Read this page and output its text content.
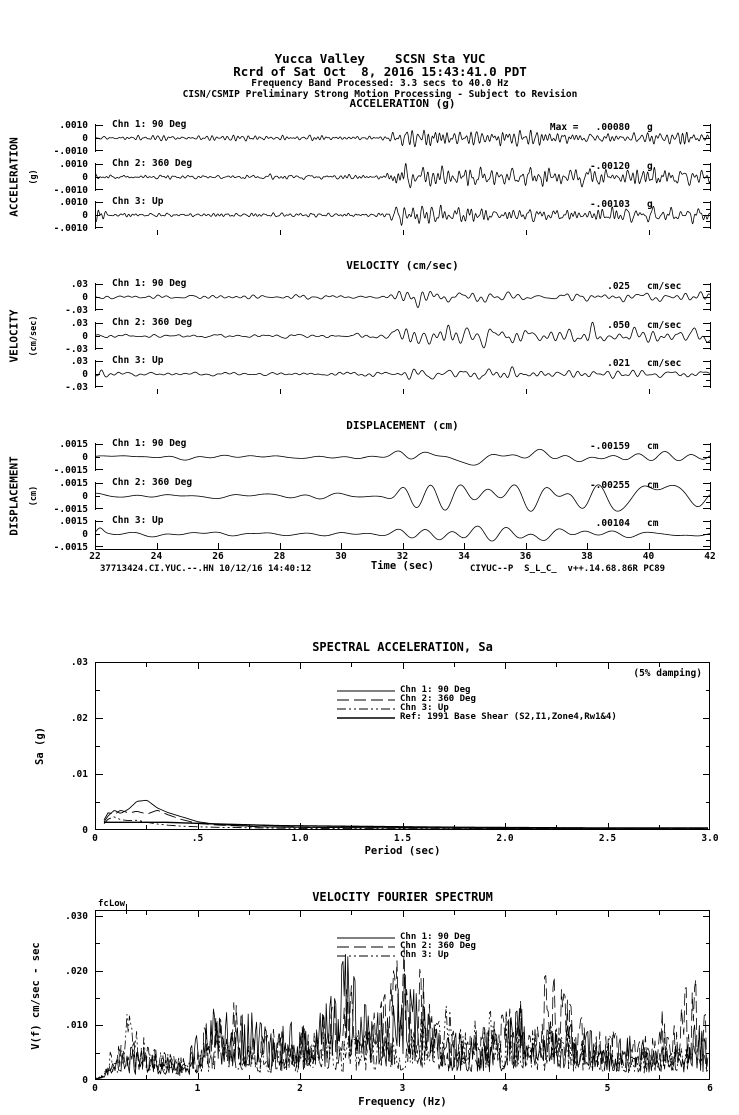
Yucca Valley    SCSN Sta YUC
Rcrd of Sat Oct  8, 2016 15:43:41.0 PDT
Frequency Band Processed: 3.3 secs to 40.0 Hz
CISN/CSMIP Preliminary Strong Motion Processing - Subject to Revision
ACCELERATION (g)
VELOCITY (cm/sec)
DISPLACEMENT (cm)
ACCELERATION (g)
VELOCITY (cm/sec)
DISPLACEMENT (cm)
Time (sec)
37713424.CI.YUC.--.HN 10/12/16 14:40:12	CIYUC--P  S_L_C_  v++.14.68.86R PC89
SPECTRAL ACCELERATION, Sa
Sa (g)
Period (sec)
VELOCITY FOURIER SPECTRUM
fcLow
V(f) cm/sec - sec
Frequency (Hz)
.0010
0
-.0010
.0010
0
-.0010
.0010
0
-.0010
.03
0
-.03
.03
0
-.03
.03
0
-.03
.0015
0
-.0015
.0015
0
-.0015
.0015
0
-.0015
22	24	26	28	30	32	34	36	38	40	42
0	.5	1.0	1.5	2.0	2.5	3.0
.03
.02
.01
0
0	1	2	3	4	5	6
.030
.020
.010
0
